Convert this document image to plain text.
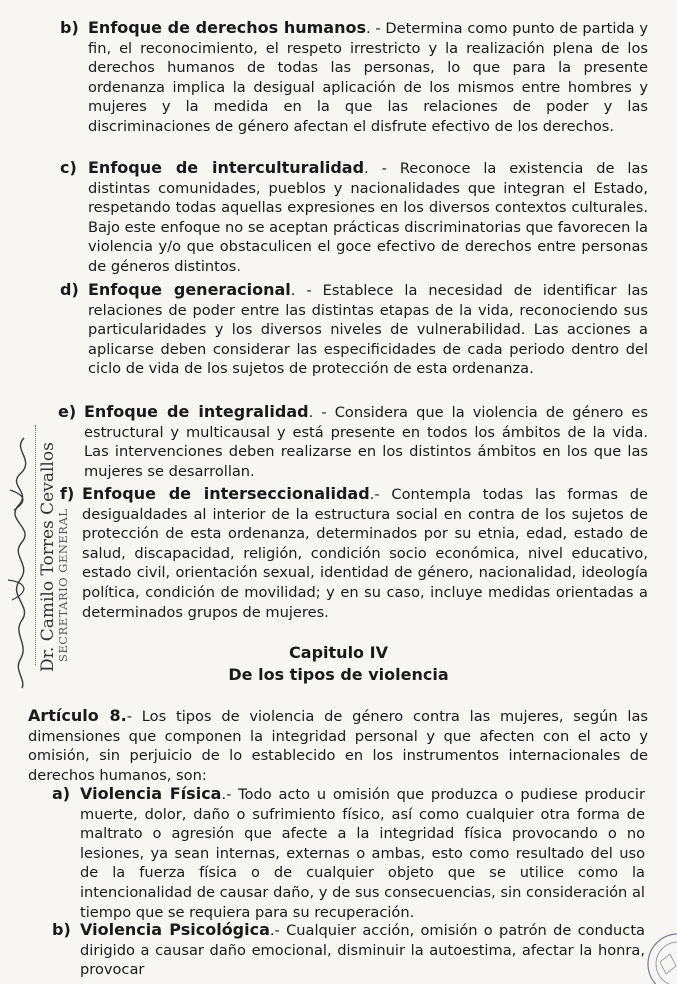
b) Enfoque de derechos humanos. - Determina como punto de partida y fin, el reconocimiento, el respeto irrestricto y la realización plena de los derechos humanos de todas las personas, lo que para la presente ordenanza implica la desigual aplicación de los mismos entre hombres y mujeres y la medida en la que las relaciones de poder y las discriminaciones de género afectan el disfrute efectivo de los derechos.
c) Enfoque de interculturalidad. - Reconoce la existencia de las distintas comunidades, pueblos y nacionalidades que integran el Estado, respetando todas aquellas expresiones en los diversos contextos culturales. Bajo este enfoque no se aceptan prácticas discriminatorias que favorecen la violencia y/o que obstaculicen el goce efectivo de derechos entre personas de géneros distintos.
d) Enfoque generacional. - Establece la necesidad de identificar las relaciones de poder entre las distintas etapas de la vida, reconociendo sus particularidades y los diversos niveles de vulnerabilidad. Las acciones a aplicarse deben considerar las especificidades de cada periodo dentro del ciclo de vida de los sujetos de protección de esta ordenanza.
e) Enfoque de integralidad. - Considera que la violencia de género es estructural y multicausal y está presente en todos los ámbitos de la vida. Las intervenciones deben realizarse en los distintos ámbitos en los que las mujeres se desarrollan.
f) Enfoque de interseccionalidad.- Contempla todas las formas de desigualdades al interior de la estructura social en contra de los sujetos de protección de esta ordenanza, determinados por su etnia, edad, estado de salud, discapacidad, religión, condición socio económica, nivel educativo, estado civil, orientación sexual, identidad de género, nacionalidad, ideología política, condición de movilidad; y en su caso, incluye medidas orientadas a determinados grupos de mujeres.
Capitulo IV
De los tipos de violencia
Artículo 8.- Los tipos de violencia de género contra las mujeres, según las dimensiones que componen la integridad personal y que afecten con el acto y omisión, sin perjuicio de lo establecido en los instrumentos internacionales de derechos humanos, son:
a) Violencia Física.- Todo acto u omisión que produzca o pudiese producir muerte, dolor, daño o sufrimiento físico, así como cualquier otra forma de maltrato o agresión que afecte a la integridad física provocando o no lesiones, ya sean internas, externas o ambas, esto como resultado del uso de la fuerza física o de cualquier objeto que se utilice como la intencionalidad de causar daño, y de sus consecuencias, sin consideración al tiempo que se requiera para su recuperación.
b) Violencia Psicológica.- Cualquier acción, omisión o patrón de conducta dirigido a causar daño emocional, disminuir la autoestima, afectar la honra, provocar
Dr. Camilo Torres Cevallos
SECRETARIO GENERAL
